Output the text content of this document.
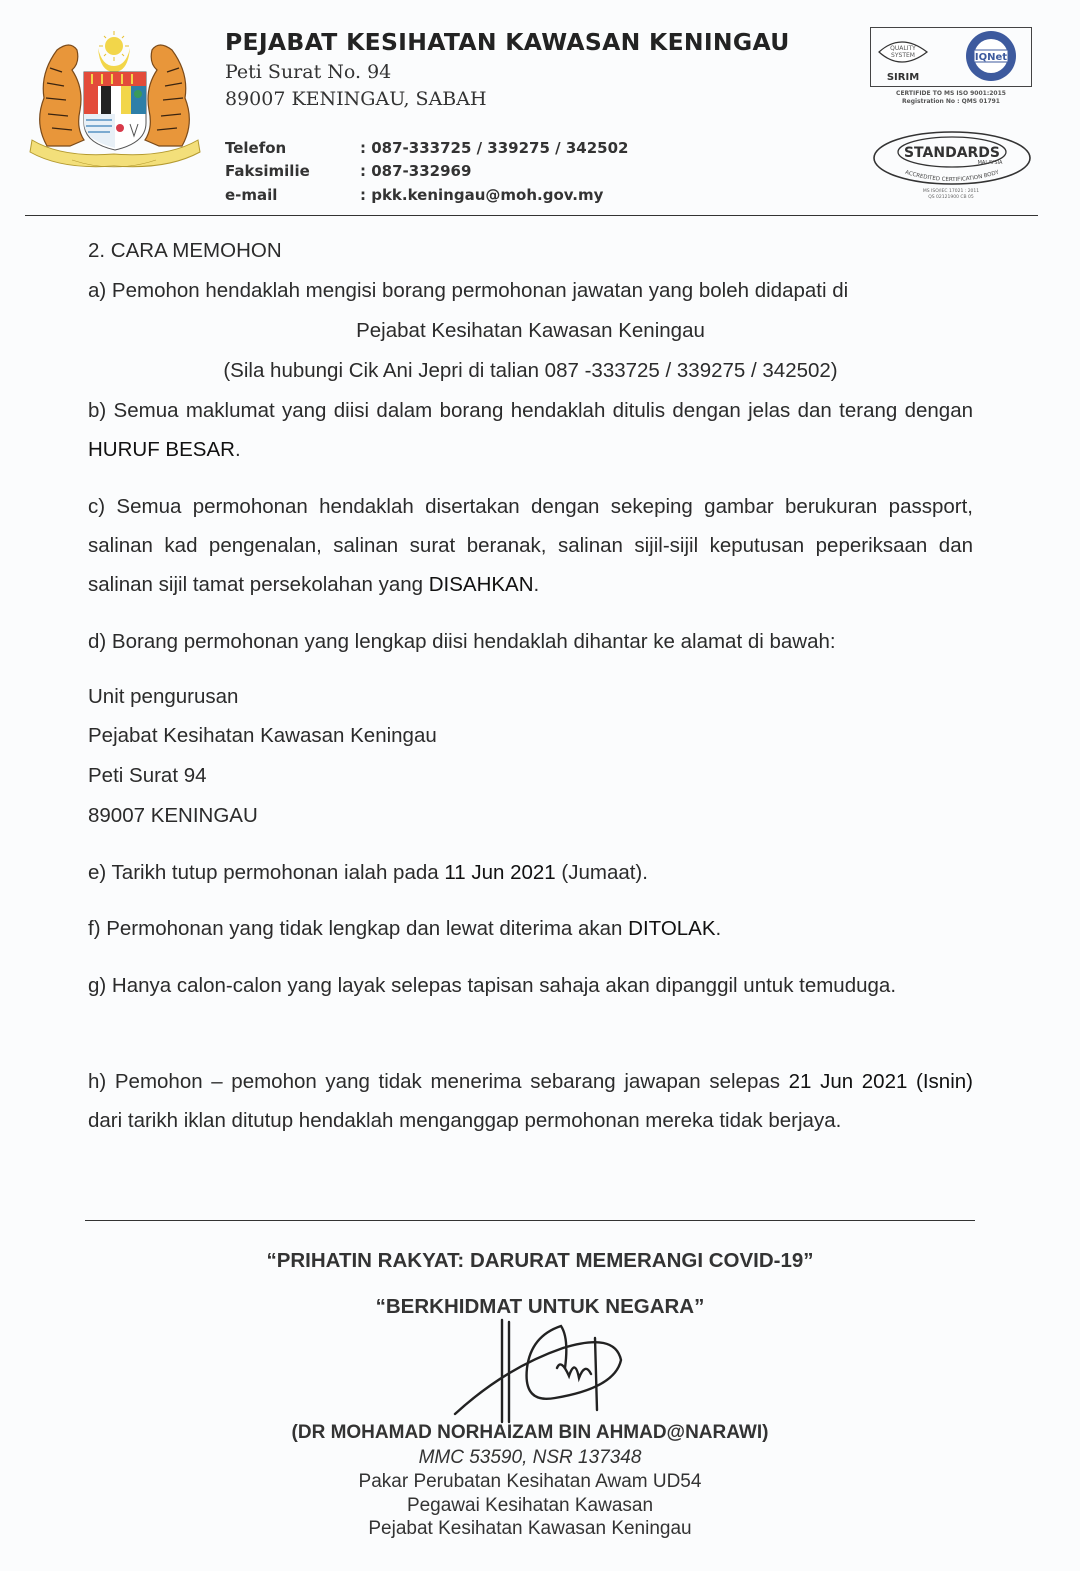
PEJABAT KESIHATAN KAWASAN KENINGAU
Peti Surat No. 94
89007 KENINGAU, SABAH
Telefon	: 087-333725 / 339275 / 342502
Faksimilie	: 087-332969
e-mail	: pkk.keningau@moh.gov.my
QUALITY
SYSTEM
SIRIM
IQNet
CERTIFIDE TO MS ISO 9001:2015
Registration No : QMS 01791
STANDARDS
MALAYSIA
ACCREDITED CERTIFICATION BODY
MS ISO/IEC 17021 : 2011
QS 02121900 CB 05
2. CARA MEMOHON
a) Pemohon hendaklah mengisi borang permohonan jawatan yang boleh didapati di
Pejabat Kesihatan Kawasan Keningau
(Sila hubungi Cik Ani Jepri di talian 087 -333725 / 339275 / 342502)
b) Semua maklumat yang diisi dalam borang hendaklah ditulis dengan jelas dan terang dengan HURUF BESAR.
c) Semua permohonan hendaklah disertakan dengan sekeping gambar berukuran passport, salinan kad pengenalan, salinan surat beranak, salinan sijil-sijil keputusan peperiksaan dan salinan sijil tamat persekolahan yang DISAHKAN.
d) Borang permohonan yang lengkap diisi hendaklah dihantar ke alamat di bawah:
Unit pengurusan
Pejabat Kesihatan Kawasan Keningau
Peti Surat 94
89007 KENINGAU
e) Tarikh tutup permohonan ialah pada 11 Jun 2021 (Jumaat).
f) Permohonan yang tidak lengkap dan lewat diterima akan DITOLAK.
g) Hanya calon-calon yang layak selepas tapisan sahaja akan dipanggil untuk temuduga.
h) Pemohon – pemohon yang tidak menerima sebarang jawapan selepas 21 Jun 2021 (Isnin) dari tarikh iklan ditutup hendaklah menganggap permohonan mereka tidak berjaya.
“PRIHATIN RAKYAT: DARURAT MEMERANGI COVID-19”
“BERKHIDMAT UNTUK NEGARA”
(DR MOHAMAD NORHAIZAM BIN AHMAD@NARAWI)
MMC 53590, NSR 137348
Pakar Perubatan Kesihatan Awam UD54
Pegawai Kesihatan Kawasan
Pejabat Kesihatan Kawasan Keningau
